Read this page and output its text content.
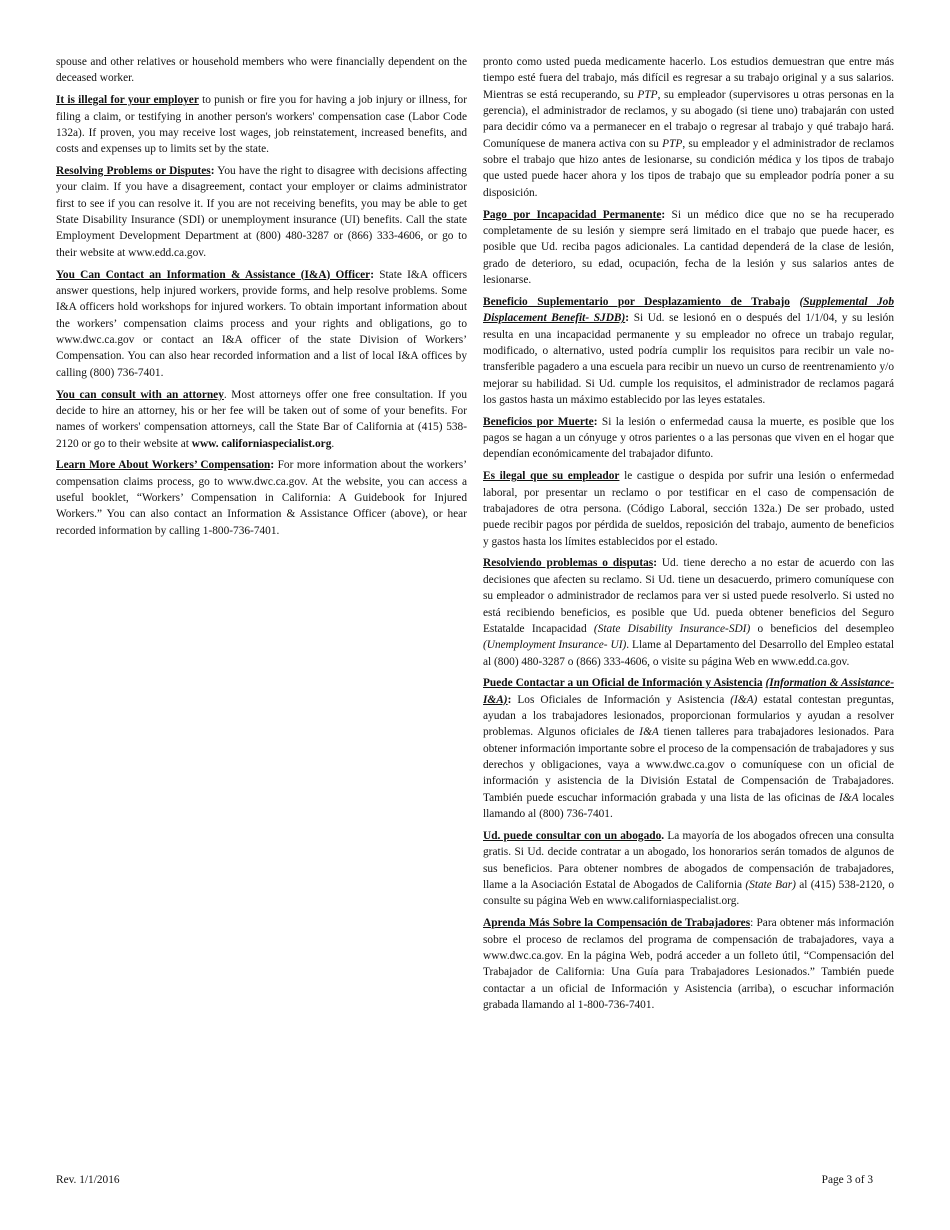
spouse and other relatives or household members who were financially dependent on the deceased worker.

It is illegal for your employer to punish or fire you for having a job injury or illness, for filing a claim, or testifying in another person's workers' compensation case (Labor Code 132a). If proven, you may receive lost wages, job reinstatement, increased benefits, and costs and expenses up to limits set by the state.

Resolving Problems or Disputes: You have the right to disagree with decisions affecting your claim. If you have a disagreement, contact your employer or claims administrator first to see if you can resolve it. If you are not receiving benefits, you may be able to get State Disability Insurance (SDI) or unemployment insurance (UI) benefits. Call the state Employment Development Department at (800) 480-3287 or (866) 333-4606, or go to their website at www.edd.ca.gov.

You Can Contact an Information & Assistance (I&A) Officer: State I&A officers answer questions, help injured workers, provide forms, and help resolve problems. Some I&A officers hold workshops for injured workers. To obtain important information about the workers’ compensation claims process and your rights and obligations, go to www.dwc.ca.gov or contact an I&A officer of the state Division of Workers’ Compensation. You can also hear recorded information and a list of local I&A offices by calling (800) 736-7401.

You can consult with an attorney. Most attorneys offer one free consultation. If you decide to hire an attorney, his or her fee will be taken out of some of your benefits. For names of workers' compensation attorneys, call the State Bar of California at (415) 538-2120 or go to their website at www. californiaspecialist.org.

Learn More About Workers’ Compensation: For more information about the workers’ compensation claims process, go to www.dwc.ca.gov. At the website, you can access a useful booklet, “Workers’ Compensation in California: A Guidebook for Injured Workers.” You can also contact an Information & Assistance Officer (above), or hear recorded information by calling 1-800-736-7401.

pronto como usted pueda medicamente hacerlo. Los estudios demuestran que entre más tiempo esté fuera del trabajo, más difícil es regresar a su trabajo original y a sus salarios. Mientras se está recuperando, su PTP, su empleador (supervisores u otras personas en la gerencia), el administrador de reclamos, y su abogado (si tiene uno) trabajarán con usted para decidir cómo va a permanecer en el trabajo o regresar al trabajo y qué trabajo hará. Comuníquese de manera activa con su PTP, su empleador y el administrador de reclamos sobre el trabajo que hizo antes de lesionarse, su condición médica y los tipos de trabajo que usted puede hacer ahora y los tipos de trabajo que su empleador podría poner a su disposición.

Pago por Incapacidad Permanente: Si un médico dice que no se ha recuperado completamente de su lesión y siempre será limitado en el trabajo que puede hacer, es posible que Ud. reciba pagos adicionales. La cantidad dependerá de la clase de lesión, grado de deterioro, su edad, ocupación, fecha de la lesión y sus salarios antes de lesionarse.

Beneficio Suplementario por Desplazamiento de Trabajo (Supplemental Job Displacement Benefit- SJDB): Si Ud. se lesionó en o después del 1/1/04, y su lesión resulta en una incapacidad permanente y su empleador no ofrece un trabajo regular, modificado, o alternativo, usted podría cumplir los requisitos para recibir un vale no-transferible pagadero a una escuela para recibir un nuevo un curso de reentrenamiento y/o mejorar su habilidad. Si Ud. cumple los requisitos, el administrador de reclamos pagará los gastos hasta un máximo establecido por las leyes estatales.

Beneficios por Muerte: Si la lesión o enfermedad causa la muerte, es posible que los pagos se hagan a un cónyuge y otros parientes o a las personas que viven en el hogar que dependían económicamente del trabajador difunto.

Es ilegal que su empleador le castigue o despida por sufrir una lesión o enfermedad laboral, por presentar un reclamo o por testificar en el caso de compensación de trabajadores de otra persona. (Código Laboral, sección 132a.) De ser probado, usted puede recibir pagos por pérdida de sueldos, reposición del trabajo, aumento de beneficios y gastos hasta los límites establecidos por el estado.

Resolviendo problemas o disputas: Ud. tiene derecho a no estar de acuerdo con las decisiones que afecten su reclamo. Si Ud. tiene un desacuerdo, primero comuníquese con su empleador o administrador de reclamos para ver si usted puede resolverlo. Si usted no está recibiendo beneficios, es posible que Ud. pueda obtener beneficios del Seguro Estatalde Incapacidad (State Disability Insurance-SDI) o beneficios del desempleo (Unemployment Insurance- UI). Llame al Departamento del Desarrollo del Empleo estatal al (800) 480-3287 o (866) 333-4606, o visite su página Web en www.edd.ca.gov.

Puede Contactar a un Oficial de Información y Asistencia (Information & Assistance- I&A): Los Oficiales de Información y Asistencia (I&A) estatal contestan preguntas, ayudan a los trabajadores lesionados, proporcionan formularios y ayudan a resolver problemas. Algunos oficiales de I&A tienen talleres para trabajadores lesionados. Para obtener información importante sobre el proceso de la compensación de trabajadores y sus derechos y obligaciones, vaya a www.dwc.ca.gov o comuníquese con un oficial de información y asistencia de la División Estatal de Compensación de Trabajadores. También puede escuchar información grabada y una lista de las oficinas de I&A locales llamando al (800) 736-7401.

Ud. puede consultar con un abogado. La mayoría de los abogados ofrecen una consulta gratis. Si Ud. decide contratar a un abogado, los honorarios serán tomados de algunos de sus beneficios. Para obtener nombres de abogados de compensación de trabajadores, llame a la Asociación Estatal de Abogados de California (State Bar) al (415) 538-2120, o consulte su página Web en www.californiaspecialist.org.

Aprenda Más Sobre la Compensación de Trabajadores: Para obtener más información sobre el proceso de reclamos del programa de compensación de trabajadores, vaya a www.dwc.ca.gov. En la página Web, podrá acceder a un folleto útil, “Compensación del Trabajador de California: Una Guía para Trabajadores Lesionados.” También puede contactar a un oficial de Información y Asistencia (arriba), o escuchar información grabada llamando al 1-800-736-7401.

Rev. 1/1/2016	Page 3 of 3
